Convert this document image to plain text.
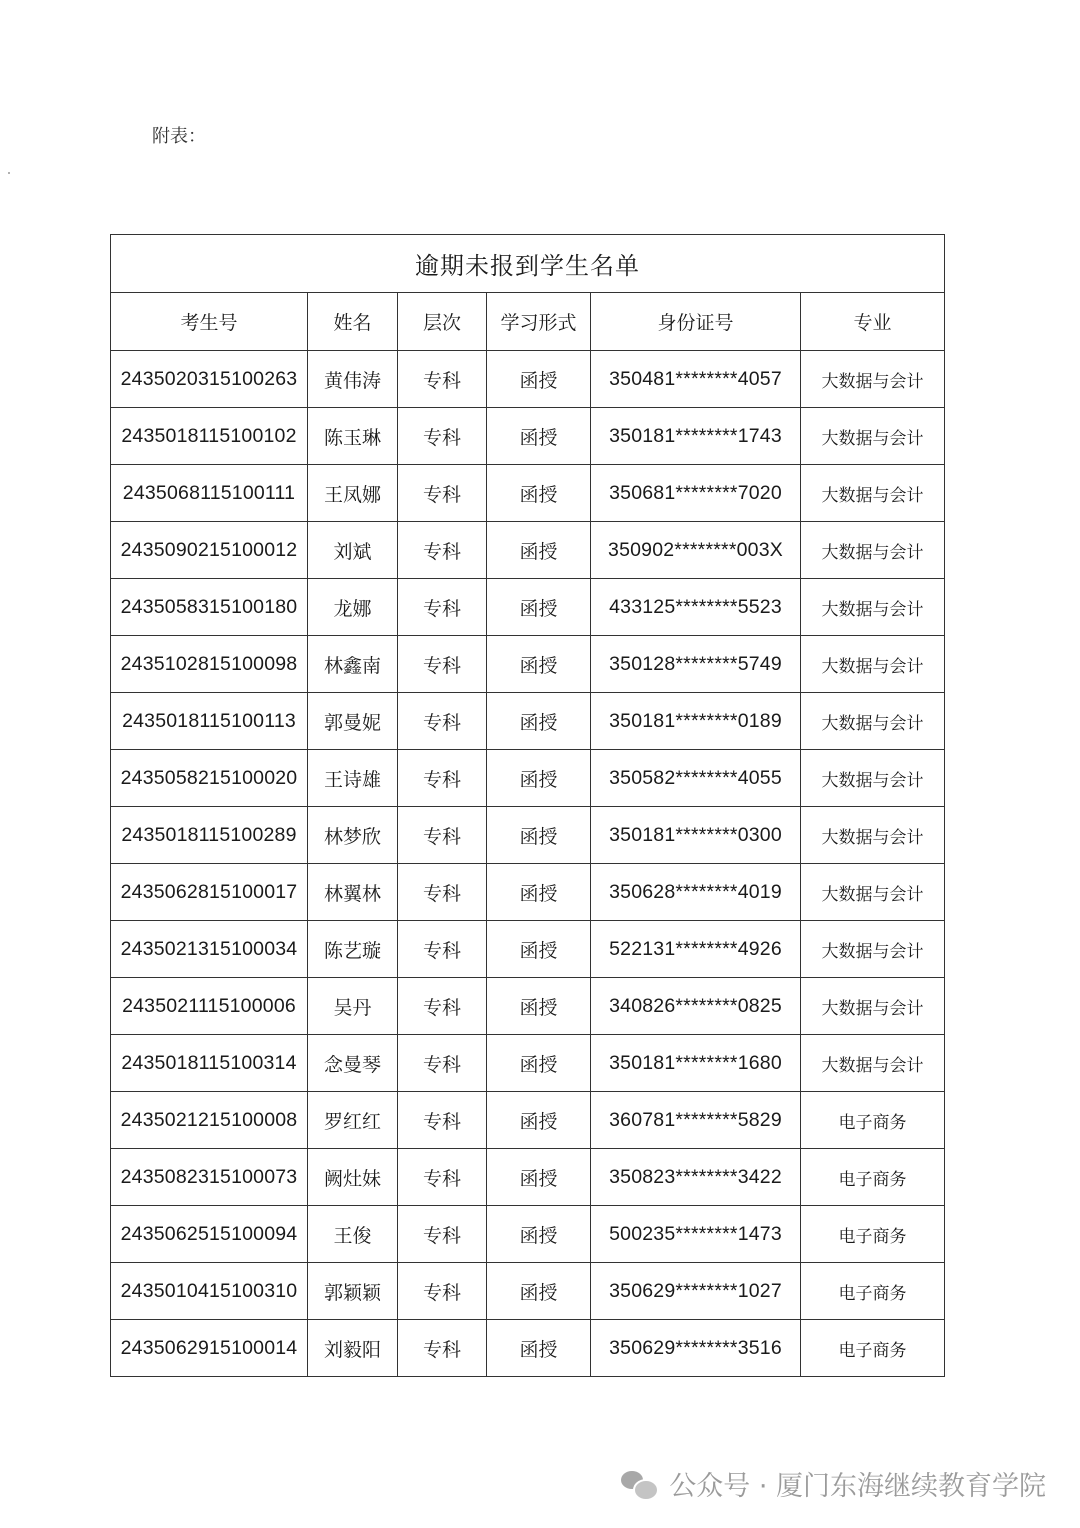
附表：
逾期未报到学生名单					
考生号	姓名	层次	学习形式	身份证号	专业
2435020315100263	黄伟涛	专科	函授	350481********4057	大数据与会计
2435018115100102	陈玉琳	专科	函授	350181********1743	大数据与会计
2435068115100111	王凤娜	专科	函授	350681********7020	大数据与会计
2435090215100012	刘斌	专科	函授	350902********003X	大数据与会计
2435058315100180	龙娜	专科	函授	433125********5523	大数据与会计
2435102815100098	林鑫南	专科	函授	350128********5749	大数据与会计
2435018115100113	郭曼妮	专科	函授	350181********0189	大数据与会计
2435058215100020	王诗雄	专科	函授	350582********4055	大数据与会计
2435018115100289	林梦欣	专科	函授	350181********0300	大数据与会计
2435062815100017	林翼林	专科	函授	350628********4019	大数据与会计
2435021315100034	陈艺璇	专科	函授	522131********4926	大数据与会计
2435021115100006	吴丹	专科	函授	340826********0825	大数据与会计
2435018115100314	念曼琴	专科	函授	350181********1680	大数据与会计
2435021215100008	罗红红	专科	函授	360781********5829	电子商务
2435082315100073	阙灶妹	专科	函授	350823********3422	电子商务
2435062515100094	王俊	专科	函授	500235********1473	电子商务
2435010415100310	郭颖颖	专科	函授	350629********1027	电子商务
2435062915100014	刘毅阳	专科	函授	350629********3516	电子商务
公众号 · 厦门东海继续教育学院
